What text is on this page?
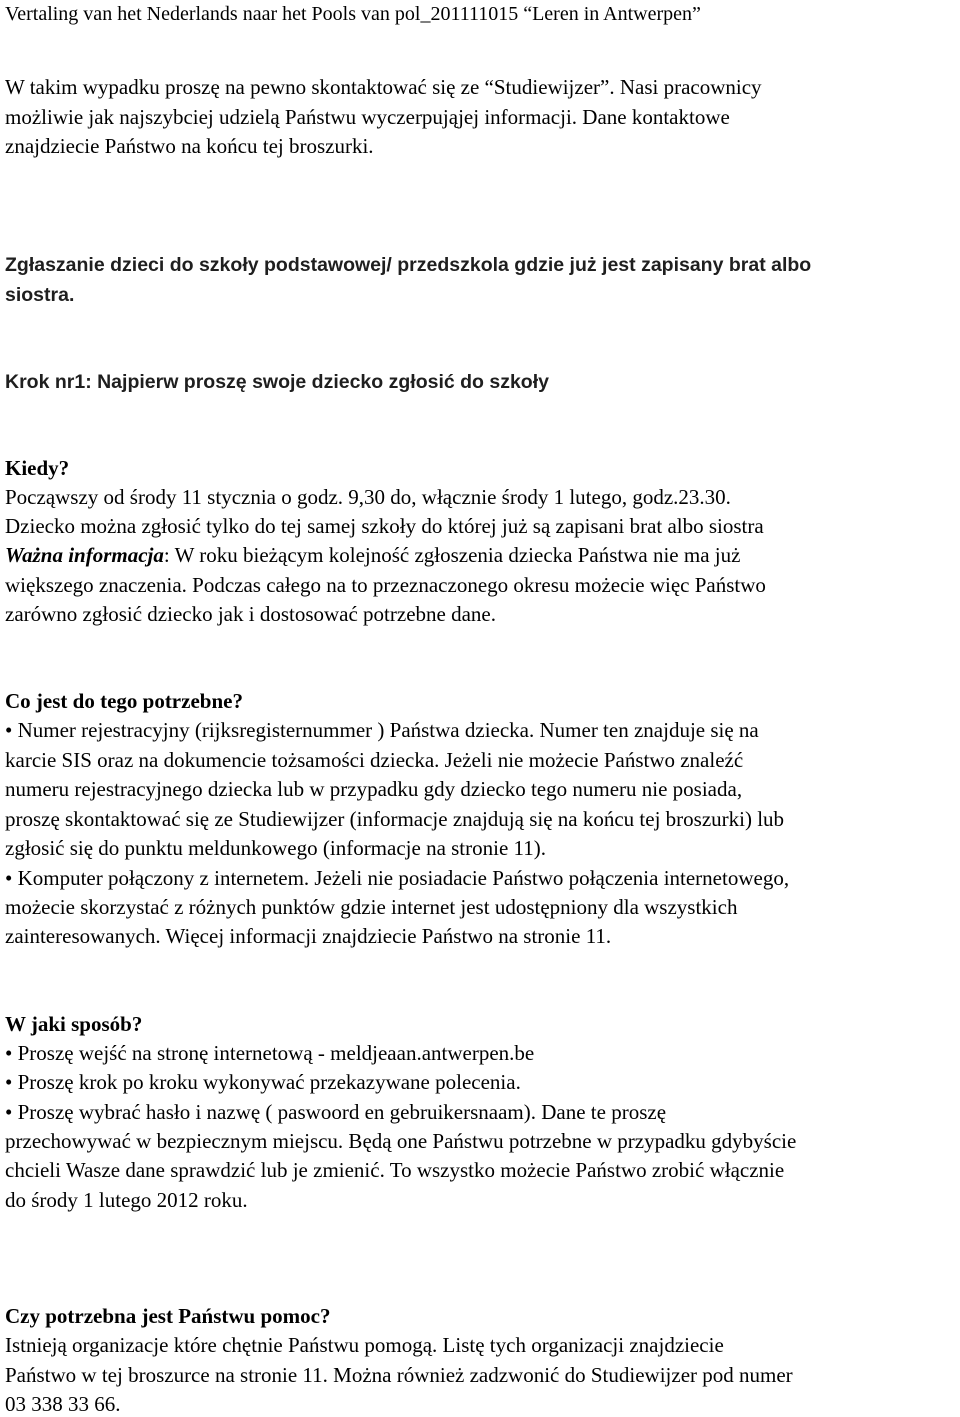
Vertaling van het Nederlands naar het Pools van pol_201111015 “Leren in Antwerpen”
W takim wypadku proszę na pewno skontaktować się ze “Studiewijzer”. Nasi pracownicy
możliwie jak najszybciej udzielą Państwu wyczerpująjej informacji. Dane kontaktowe
znajdziecie Państwo na końcu tej broszurki.
Zgłaszanie dzieci do szkoły podstawowej/ przedszkola gdzie już jest zapisany brat albo
siostra.
Krok nr1: Najpierw proszę swoje dziecko zgłosić do szkoły
Kiedy?
Począwszy od środy 11 stycznia o godz. 9,30 do, włącznie środy 1 lutego, godz.23.30.
Dziecko można zgłosić tylko do tej samej szkoły do której już są zapisani brat albo siostra
Ważna informacja: W roku bieżącym kolejność zgłoszenia dziecka Państwa nie ma już
większego znaczenia. Podczas całego na to przeznaczonego okresu możecie więc Państwo
zarówno zgłosić dziecko jak i dostosować potrzebne dane.
Co jest do tego potrzebne?
• Numer rejestracyjny (rijksregisternummer ) Państwa dziecka. Numer ten znajduje się na
karcie SIS oraz na dokumencie tożsamości dziecka. Jeżeli nie możecie Państwo znaleźć
numeru rejestracyjnego dziecka lub w przypadku gdy dziecko tego numeru nie posiada,
proszę skontaktować się ze Studiewijzer (informacje znajdują się na końcu tej broszurki) lub
zgłosić się do punktu meldunkowego (informacje na stronie 11).
• Komputer połączony z internetem. Jeżeli nie posiadacie Państwo połączenia internetowego,
możecie skorzystać z różnych punktów gdzie internet jest udostępniony dla wszystkich
zainteresowanych. Więcej informacji znajdziecie Państwo na stronie 11.
W jaki sposób?
• Proszę wejść na stronę internetową - meldjeaan.antwerpen.be
• Proszę krok po kroku wykonywać przekazywane polecenia.
• Proszę wybrać hasło i nazwę ( paswoord en gebruikersnaam). Dane te proszę
przechowywać w bezpiecznym miejscu. Będą one Państwu potrzebne w przypadku gdybyście
chcieli Wasze dane sprawdzić lub je zmienić. To wszystko możecie Państwo zrobić włącznie
do środy 1 lutego 2012 roku.
Czy potrzebna jest Państwu pomoc?
Istnieją organizacje które chętnie Państwu pomogą. Listę tych organizacji znajdziecie
Państwo w tej broszurce na stronie 11. Można również zadzwonić do Studiewijzer pod numer
03 338 33 66.
